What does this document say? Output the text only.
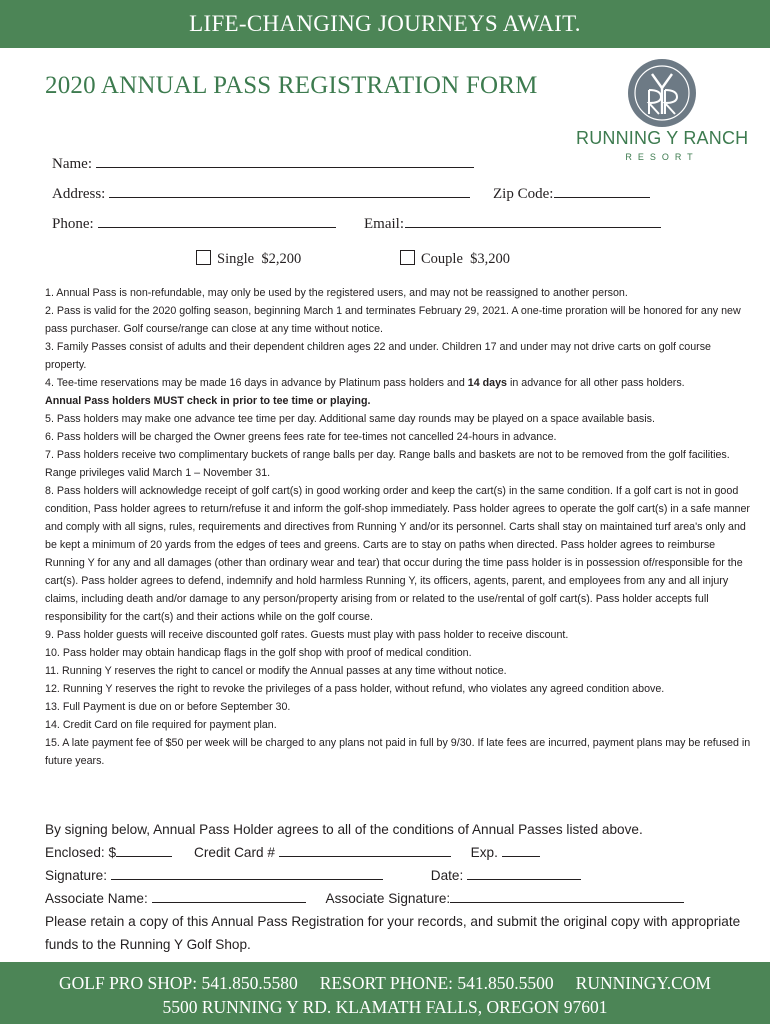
LIFE-CHANGING JOURNEYS AWAIT.
2020 ANNUAL PASS REGISTRATION FORM
RUNNING Y RANCH
RESORT
Name:
Address:	Zip Code:
Phone:	Email:
Single $2,200	Couple $3,200

1. Annual Pass is non-refundable, may only be used by the registered users, and may not be reassigned to another person.

2. Pass is valid for the 2020 golfing season, beginning March 1 and terminates February 29, 2021. A one-time proration will be honored for any new pass purchaser. Golf course/range can close at any time without notice.

3. Family Passes consist of adults and their dependent children ages 22 and under. Children 17 and under may not drive carts on golf course property.

4. Tee-time reservations may be made 16 days in advance by Platinum pass holders and 14 days in advance for all other pass holders.

Annual Pass holders MUST check in prior to tee time or playing.

5. Pass holders may make one advance tee time per day. Additional same day rounds may be played on a space available basis.

6. Pass holders will be charged the Owner greens fees rate for tee-times not cancelled 24-hours in advance.

7. Pass holders receive two complimentary buckets of range balls per day. Range balls and baskets are not to be removed from the golf facilities. Range privileges valid March 1 – November 31.

8. Pass holders will acknowledge receipt of golf cart(s) in good working order and keep the cart(s) in the same condition. If a golf cart is not in good condition, Pass holder agrees to return/refuse it and inform the golf-shop immediately. Pass holder agrees to operate the golf cart(s) in a safe manner and comply with all signs, rules, requirements and directives from Running Y and/or its personnel. Carts shall stay on maintained turf area's only and be kept a minimum of 20 yards from the edges of tees and greens. Carts are to stay on paths when directed. Pass holder agrees to reimburse Running Y for any and all damages (other than ordinary wear and tear) that occur during the time pass holder is in possession of/responsible for the cart(s). Pass holder agrees to defend, indemnify and hold harmless Running Y, its officers, agents, parent, and employees from any and all injury claims, including death and/or damage to any person/property arising from or related to the use/rental of golf cart(s). Pass holder accepts full responsibility for the cart(s) and their actions while on the golf course.

9. Pass holder guests will receive discounted golf rates. Guests must play with pass holder to receive discount.

10. Pass holder may obtain handicap flags in the golf shop with proof of medical condition.

11. Running Y reserves the right to cancel or modify the Annual passes at any time without notice.

12. Running Y reserves the right to revoke the privileges of a pass holder, without refund, who violates any agreed condition above.

13. Full Payment is due on or before September 30.

14. Credit Card on file required for payment plan.

15. A late payment fee of $50 per week will be charged to any plans not paid in full by 9/30. If late fees are incurred, payment plans may be refused in future years.

By signing below, Annual Pass Holder agrees to all of the conditions of Annual Passes listed above.

Enclosed: $	Credit Card #	Exp.

Signature:	Date:

Associate Name:	Associate Signature:

Please retain a copy of this Annual Pass Registration for your records, and submit the original copy with appropriate

funds to the Running Y Golf Shop.

GOLF PRO SHOP: 541.850.5580 RESORT PHONE: 541.850.5500 RUNNINGY.COM
5500 RUNNING Y RD. KLAMATH FALLS, OREGON 97601
